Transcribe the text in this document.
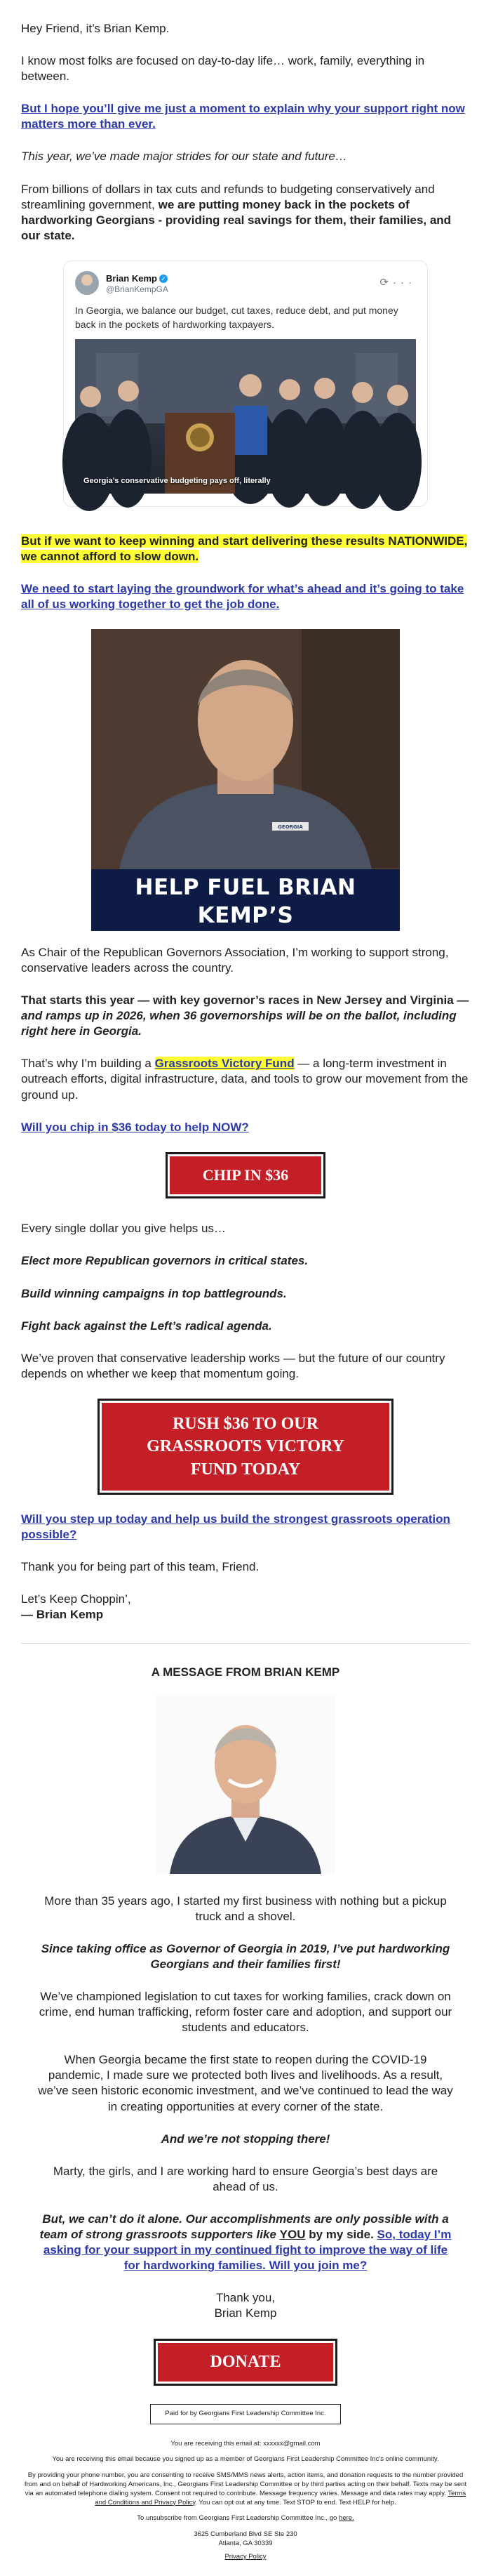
Hey Friend, it’s Brian Kemp.

I know most folks are focused on day-to-day life… work, family, everything in between.

But I hope you’ll give me just a moment to explain why your support right now matters more than ever.

This year, we’ve made major strides for our state and future…

From billions of dollars in tax cuts and refunds to budgeting conservatively and streamlining government, we are putting money back in the pockets of hardworking Georgians - providing real savings for them, their families, and our state.

Brian Kemp ✓
@BrianKempGA
⟳···
In Georgia, we balance our budget, cut taxes, reduce debt, and put money back in the pockets of hardworking taxpayers.
Georgia’s conservative budgeting pays off, literally

But if we want to keep winning and start delivering these results NATIONWIDE, we cannot afford to slow down.

We need to start laying the groundwork for what’s ahead and it’s going to take all of us working together to get the job done.

GEORGIA
HELP FUEL BRIAN KEMP’S
GRASSROOTS VICTORY FUND

As Chair of the Republican Governors Association, I’m working to support strong, conservative leaders across the country.

That starts this year — with key governor’s races in New Jersey and Virginia — and ramps up in 2026, when 36 governorships will be on the ballot, including right here in Georgia.

That’s why I’m building a Grassroots Victory Fund — a long-term investment in outreach efforts, digital infrastructure, data, and tools to grow our movement from the ground up.

Will you chip in $36 today to help NOW?

CHIP IN $36

Every single dollar you give helps us…

Elect more Republican governors in critical states.

Build winning campaigns in top battlegrounds.

Fight back against the Left’s radical agenda.

We’ve proven that conservative leadership works — but the future of our country depends on whether we keep that momentum going.

RUSH $36 TO OUR GRASSROOTS VICTORY FUND TODAY

Will you step up today and help us build the strongest grassroots operation possible?

Thank you for being part of this team, Friend.

Let’s Keep Choppin’,

— Brian Kemp

A MESSAGE FROM BRIAN KEMP

More than 35 years ago, I started my first business with nothing but a pickup truck and a shovel.

Since taking office as Governor of Georgia in 2019, I’ve put hardworking Georgians and their families first!

We’ve championed legislation to cut taxes for working families, crack down on crime, end human trafficking, reform foster care and adoption, and support our students and educators.

When Georgia became the first state to reopen during the COVID-19 pandemic, I made sure we protected both lives and livelihoods. As a result, we’ve seen historic economic investment, and we’ve continued to lead the way in creating opportunities at every corner of the state.

And we’re not stopping there!

Marty, the girls, and I are working hard to ensure Georgia’s best days are ahead of us.

But, we can’t do it alone. Our accomplishments are only possible with a team of strong grassroots supporters like YOU by my side. So, today I’m asking for your support in my continued fight to improve the way of life for hardworking families. Will you join me?

Thank you,

Brian Kemp

DONATE
Paid for by Georgians First Leadership Committee Inc.

You are receiving this email at: xxxxxx@gmail.com

You are receiving this email because you signed up as a member of Georgians First Leadership Committee Inc’s online community.

By providing your phone number, you are consenting to receive SMS/MMS news alerts, action items, and donation requests to the number provided from and on behalf of Hardworking Americans, Inc., Georgians First Leadership Committee or by third parties acting on their behalf. Texts may be sent via an automated telephone dialing system. Consent not required to contribute. Message frequency varies. Message and data rates may apply. Terms and Conditions and Privacy Policy. You can opt out at any time. Text STOP to end. Text HELP for help.

To unsubscribe from Georgians First Leadership Committee Inc., go here.

3625 Cumberland Blvd SE Ste 230

Atlanta, GA 30339

Privacy Policy
